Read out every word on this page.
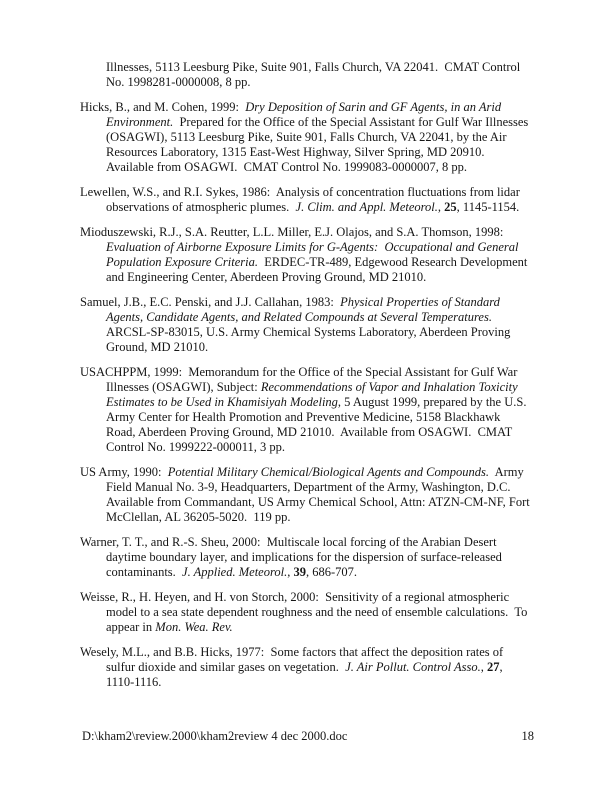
Illnesses, 5113 Leesburg Pike, Suite 901, Falls Church, VA 22041.  CMAT Control No. 1998281-0000008, 8 pp.

Hicks, B., and M. Cohen, 1999:  Dry Deposition of Sarin and GF Agents, in an Arid Environment.  Prepared for the Office of the Special Assistant for Gulf War Illnesses (OSAGWI), 5113 Leesburg Pike, Suite 901, Falls Church, VA 22041, by the Air Resources Laboratory, 1315 East-West Highway, Silver Spring, MD 20910.  Available from OSAGWI.  CMAT Control No. 1999083-0000007, 8 pp.

Lewellen, W.S., and R.I. Sykes, 1986:  Analysis of concentration fluctuations from lidar observations of atmospheric plumes.  J. Clim. and Appl. Meteorol., 25, 1145-1154.

Mioduszewski, R.J., S.A. Reutter, L.L. Miller, E.J. Olajos, and S.A. Thomson, 1998:  Evaluation of Airborne Exposure Limits for G-Agents:  Occupational and General Population Exposure Criteria.  ERDEC-TR-489, Edgewood Research Development and Engineering Center, Aberdeen Proving Ground, MD 21010.

Samuel, J.B., E.C. Penski, and J.J. Callahan, 1983:  Physical Properties of Standard Agents, Candidate Agents, and Related Compounds at Several Temperatures.  ARCSL-SP-83015, U.S. Army Chemical Systems Laboratory, Aberdeen Proving Ground, MD 21010.

USACHPPM, 1999:  Memorandum for the Office of the Special Assistant for Gulf War Illnesses (OSAGWI), Subject: Recommendations of Vapor and Inhalation Toxicity Estimates to be Used in Khamisiyah Modeling, 5 August 1999, prepared by the U.S. Army Center for Health Promotion and Preventive Medicine, 5158 Blackhawk Road, Aberdeen Proving Ground, MD 21010.  Available from OSAGWI.  CMAT Control No. 1999222-000011, 3 pp.

US Army, 1990:  Potential Military Chemical/Biological Agents and Compounds.  Army Field Manual No. 3-9, Headquarters, Department of the Army, Washington, D.C. Available from Commandant, US Army Chemical School, Attn: ATZN-CM-NF, Fort McClellan, AL 36205-5020.  119 pp.

Warner, T. T., and R.-S. Sheu, 2000:  Multiscale local forcing of the Arabian Desert daytime boundary layer, and implications for the dispersion of surface-released contaminants.  J. Applied. Meteorol., 39, 686-707.

Weisse, R., H. Heyen, and H. von Storch, 2000:  Sensitivity of a regional atmospheric model to a sea state dependent roughness and the need of ensemble calculations.  To appear in Mon. Wea. Rev.

Wesely, M.L., and B.B. Hicks, 1977:  Some factors that affect the deposition rates of sulfur dioxide and similar gases on vegetation.  J. Air Pollut. Control Asso., 27, 1110-1116.

D:\kham2\review.2000\kham2review 4 dec 2000.doc	18
